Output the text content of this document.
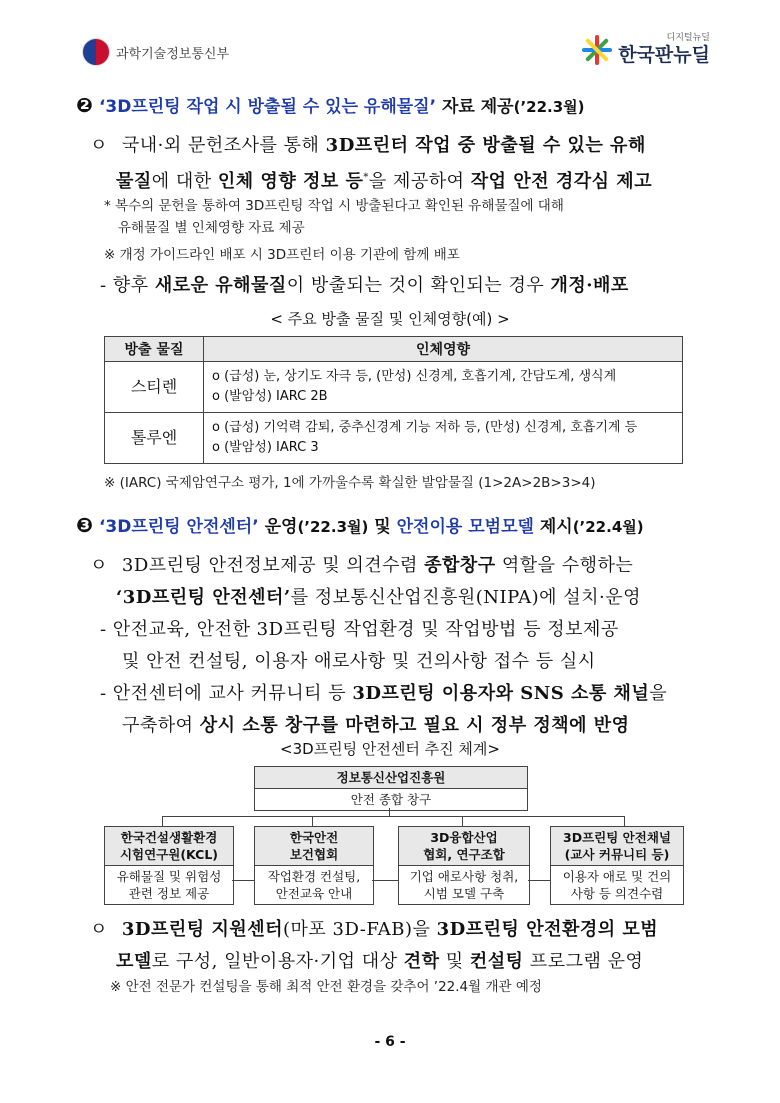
과학기술정보통신부
디지털뉴딜
한국판뉴딜
❷ ‘3D프린팅 작업 시 방출될 수 있는 유해물질’ 자료 제공(’22.3월)
ㅇ 국내·외 문헌조사를 통해 3D프린터 작업 중 방출될 수 있는 유해
물질에 대한 인체 영향 정보 등*을 제공하여 작업 안전 경각심 제고
* 복수의 문헌을 통하여 3D프린팅 작업 시 방출된다고 확인된 유해물질에 대해
유해물질 별 인체영향 자료 제공
※ 개정 가이드라인 배포 시 3D프린터 이용 기관에 함께 배포
- 향후 새로운 유해물질이 방출되는 것이 확인되는 경우 개정·배포
< 주요 방출 물질 및 인체영향(예) >
방출 물질	인체영향
스티렌	o (급성) 눈, 상기도 자극 등, (만성) 신경계, 호흡기계, 간담도계, 생식계
o (발암성) IARC 2B

톨루엔	o (급성) 기억력 감퇴, 중추신경계 기능 저하 등, (만성) 신경계, 호흡기계 등
o (발암성) IARC 3
※ (IARC) 국제암연구소 평가, 1에 가까울수록 확실한 발암물질 (1>2A>2B>3>4)
❸ ‘3D프린팅 안전센터’ 운영(’22.3월) 및 안전이용 모범모델 제시(’22.4월)
ㅇ 3D프린팅 안전정보제공 및 의견수렴 종합창구 역할을 수행하는
‘3D프린팅 안전센터’를 정보통신산업진흥원(NIPA)에 설치·운영
- 안전교육, 안전한 3D프린팅 작업환경 및 작업방법 등 정보제공
및 안전 컨설팅, 이용자 애로사항 및 건의사항 접수 등 실시
- 안전센터에 교사 커뮤니티 등 3D프린팅 이용자와 SNS 소통 채널을
구축하여 상시 소통 창구를 마련하고 필요 시 정부 정책에 반영
<3D프린팅 안전센터 추진 체계>
정보통신산업진흥원
안전 종합 창구
한국건설생활환경
시험연구원(KCL)
유해물질 및 위험성
관련 정보 제공
한국안전
보건협회
작업환경 컨설팅,
안전교육 안내
3D융합산업
협회, 연구조합
기업 애로사항 청취,
시범 모델 구축
3D프린팅 안전채널
(교사 커뮤니티 등)
이용자 애로 및 건의
사항 등 의견수렴
ㅇ 3D프린팅 지원센터(마포 3D-FAB)을 3D프린팅 안전환경의 모범
모델로 구성, 일반이용자·기업 대상 견학 및 컨설팅 프로그램 운영
※ 안전 전문가 컨설팅을 통해 최적 안전 환경을 갖추어 ’22.4월 개관 예정
- 6 -
